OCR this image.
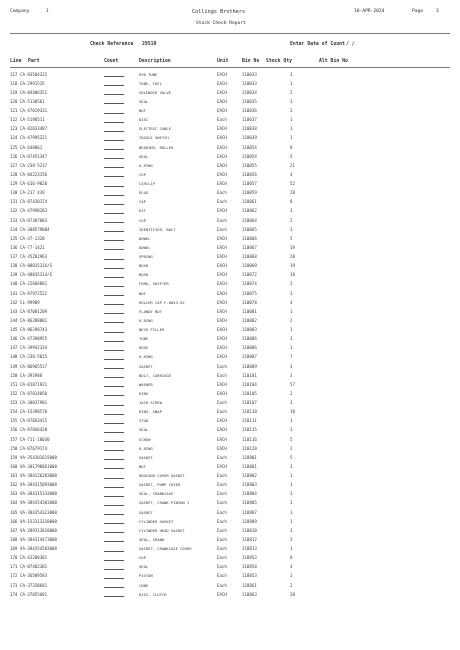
Company	1	Collings Brothers	18-APR-2024	Page	3
Stock Check Report
Check Reference 29510	Enter Date of Count / /
Line Part	Count	Description	Unit	Bin No Stock Qty	Alt Bin No
117 CA-83504322	HYD TUBE	EACH	110033	1
118 CA-2991535	TUBE, FUEL	EACH	110033	1
119 CA-84406351	SOLENOID VALVE	EACH	110034	2
120 CA-5130561	SEAL	EACH	110035	1
121 CA-47019331	NUT	EACH	110036	2
122 CA-5198511	DISC	Each	110037	1
123 CA-82033487	ELECTRIC CABLE	EACH	110038	1
124 CA-47995221	TOGGLE SWITCH	EACH	110039	1
125 CA-648861	BEARING, ROLLER	EACH	110054	8
126 CA-87451347	SEAL	EACH	110054	5
127 CA-238-5237	O-RING	EACH	110055	21
128 CA-84223156	CUP	EACH	110056	4
129 CA-616-9020	CIRCLIP	EACH	110057	52
130 CA-217 439	PLUG	Each	110059	28
131 CA-87430174	CAP	Each	110061	8
132 CA-47998283	KIT	EACH	110062	1
133 CA-87387883	CUP	Each	110064	2
134 CA-308579084	IDENTIFIER, BOLT	Each	110065	1
135 CA-37-1320	DOWEL	EACH	110066	5
136 CA-77-1421	DOWEL	EACH	110067	19
137 CA-35282963	SPRING	EACH	110068	20
138 CA-08035316/S	BUSH	EACH	110069	19
139 CA-48035314/S	BUSH	EACH	110072	18
140 CA-22684881	FORK, SHIFTER	EACH	110074	2
141 CA-87972522	NUT	EACH	110075	1
142 CL-99909	ROLLER CAP F-8043-92	EACH	110078	4
143 CA-87081209	FLANGE NUT	EACH	110081	1
144 CA-86288801	O-RING	EACH	110082	2
145 CA-86298743	NECK FILLER	EACH	110083	1
146 CA-47390955	TUBE	EACH	110086	1
147 CA-39942334	HOSE	EACH	110086	1
148 CA-238-5015	O-RING	EACH	110087	7
149 CA-86965517	GASKET	Each	110089	3
150 CA-391988	BOLT, CARRIAGE	Each	110101	3
151 CA-81871921	WASHER	EACH	110104	57
152 CA-87014050	RING	EACH	110105	2
153 CA-30037981	JACK SCREW	Each	110107	1
154 CA-15398578	RING, SNAP	Each	110110	10
155 CA-87663415	STUD	EACH	110111	1
156 CA-87046420	SEAL	EACH	110115	1
157 CA-711-10030	SCREW	EACH	110116	5
158 CA-87679174	O-RING	EACH	110120	2
159 VA-354301615000	GASKET	Each	118801	5
160 VA-301790861000	NUT	EACH	118801	1
161 VA-384126283000	HOUSING COVER GASKET	Each	118802	1
162 VA-384315093000	GASKET, PUMP COVER	Each	118803	1
163 VA-384315333000	SEAL, CRANKCASE	Each	118804	1
164 VA-384354303000	GASKET, CRANK PINION J	Each	118805	1
165 VA-384354323000	GASKET	Each	118807	1
166 VA-153313310000	CYLINDER GASKET	Each	118809	1
167 VA-289313810000	CYLINDER HEAD GASKET	Each	118810	1
168 VA-384314473000	SEAL, CRANK	Each	118812	3
169 VA-384354503000	GASKET, CRANKCASE COVER	Each	118813	1
170 CA-43200381	CUP	Each	118853	8
171 CA-87402381	SEAL	Each	118858	4
172 CA-36509583	PISTON	Each	118853	1
173 CA-37338681	CONE	Each	118861	2
174 CA-37055681	DISC, CLUTCH	EACH	118863	20
